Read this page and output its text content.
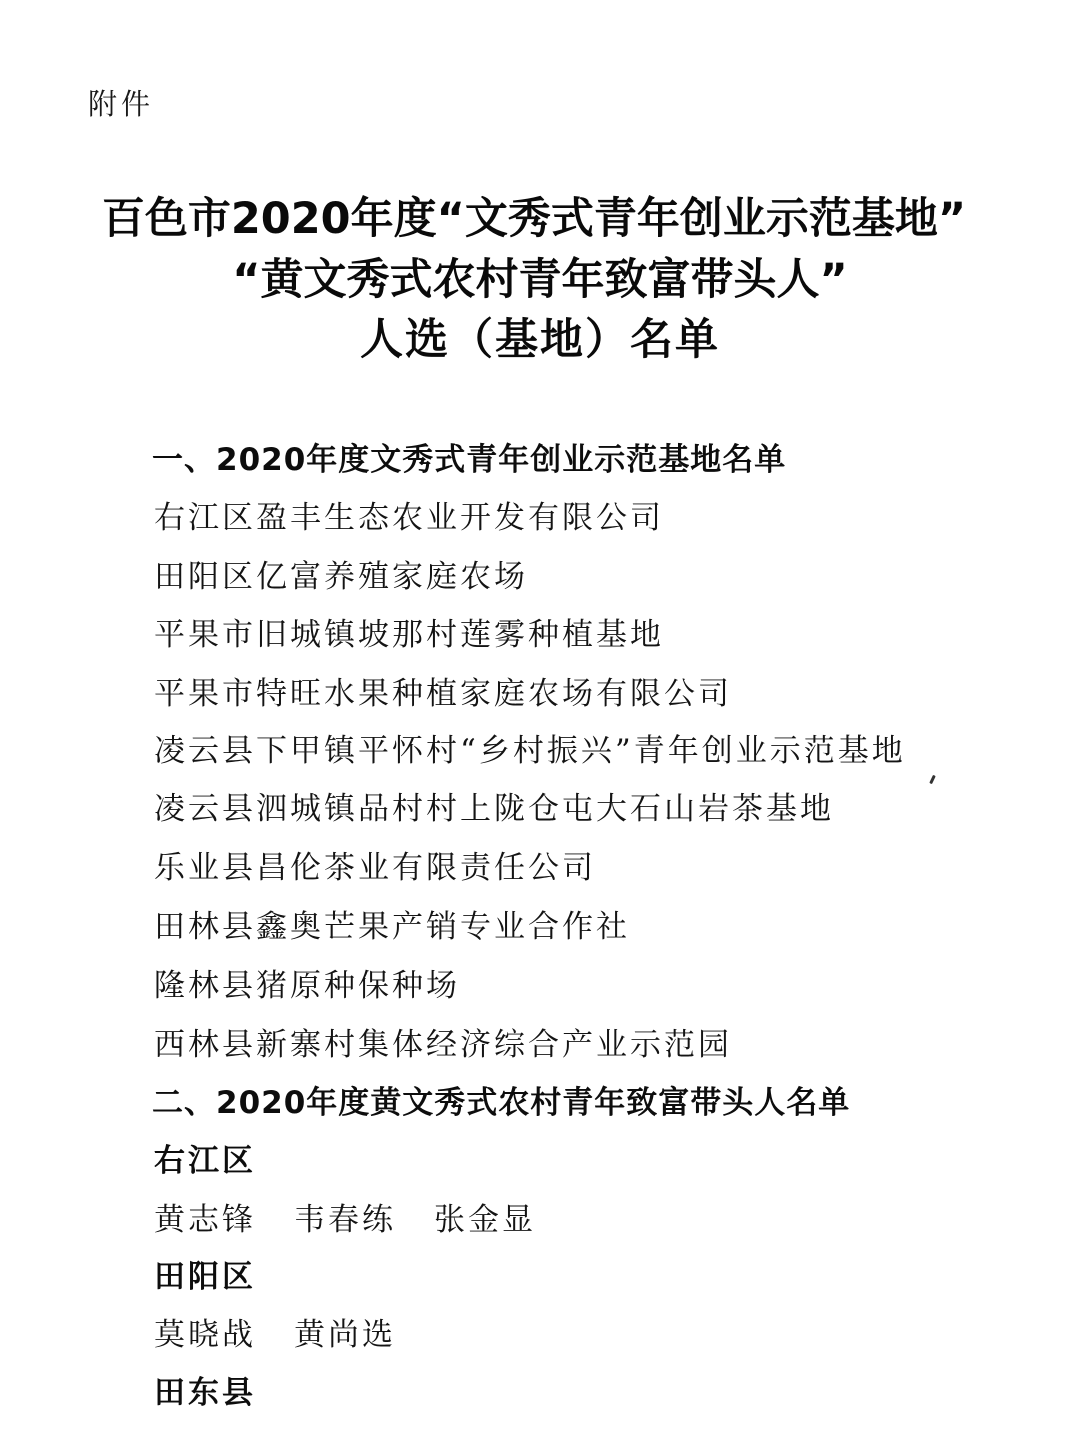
附件
百色市2020年度“文秀式青年创业示范基地”
“黄文秀式农村青年致富带头人”
人选（基地）名单
一、2020年度文秀式青年创业示范基地名单
右江区盈丰生态农业开发有限公司
田阳区亿富养殖家庭农场
平果市旧城镇坡那村莲雾种植基地
平果市特旺水果种植家庭农场有限公司
凌云县下甲镇平怀村“乡村振兴”青年创业示范基地
凌云县泗城镇品村村上陇仓屯大石山岩茶基地
乐业县昌伦茶业有限责任公司
田林县鑫奥芒果产销专业合作社
隆林县猪原种保种场
西林县新寨村集体经济综合产业示范园
二、2020年度黄文秀式农村青年致富带头人名单
右江区
黄志锋 韦春练 张金显
田阳区
莫晓战 黄尚选
田东县
